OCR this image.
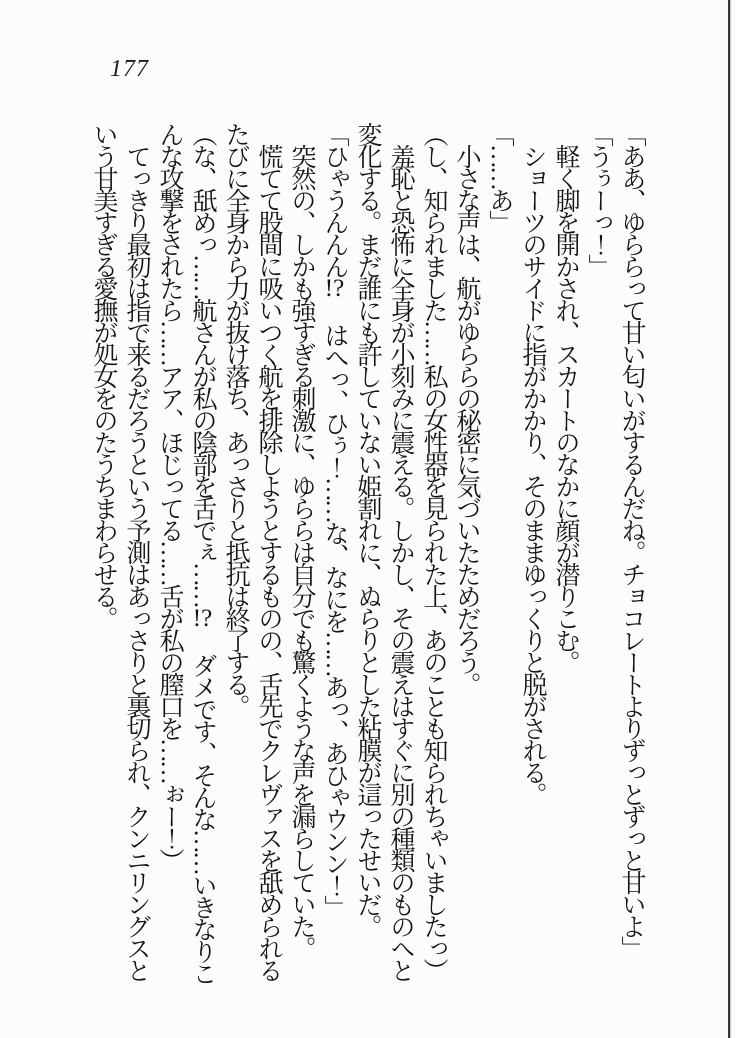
177

「ああ、ゆららって甘い匂いがするんだね。チョコレートよりずっとずっと甘いよ」

「うぅーっ！」

軽く脚を開かされ、スカートのなかに顔が潜りこむ。

ショーツのサイドに指がかかり、そのままゆっくりと脱がされる。

「……あ」

小さな声は、航がゆららの秘密に気づいたためだろう。

（し、知られました……私の女性器を見られた上、あのことも知られちゃいましたっ）

羞恥と恐怖に全身が小刻みに震える。しかし、その震えはすぐに別の種類のものへと変化する。まだ誰にも許していない姫割れに、ぬらりとした粘膜が這ったせいだ。

「ひゃうんんん!?　はへっ、ひぅ！……な、なにを……あっ、あひゃウンン！」

突然の、しかも強すぎる刺激に、ゆららは自分でも驚くような声を漏らしていた。

慌てて股間に吸いつく航を排除しようとするものの、舌先でクレヴァスを舐められるたびに全身から力が抜け落ち、あっさりと抵抗は終了する。

（な、舐めっ……航さんが私の陰部を舌でぇ……!?　ダメです、そんな……いきなりこんな攻撃をされたら……アア、ほじってる……舌が私の膣口を……ぉー！）

てっきり最初は指で来るだろうという予測はあっさりと裏切られ、クンニリングスという甘美すぎる愛撫が処女をのたうちまわらせる。
